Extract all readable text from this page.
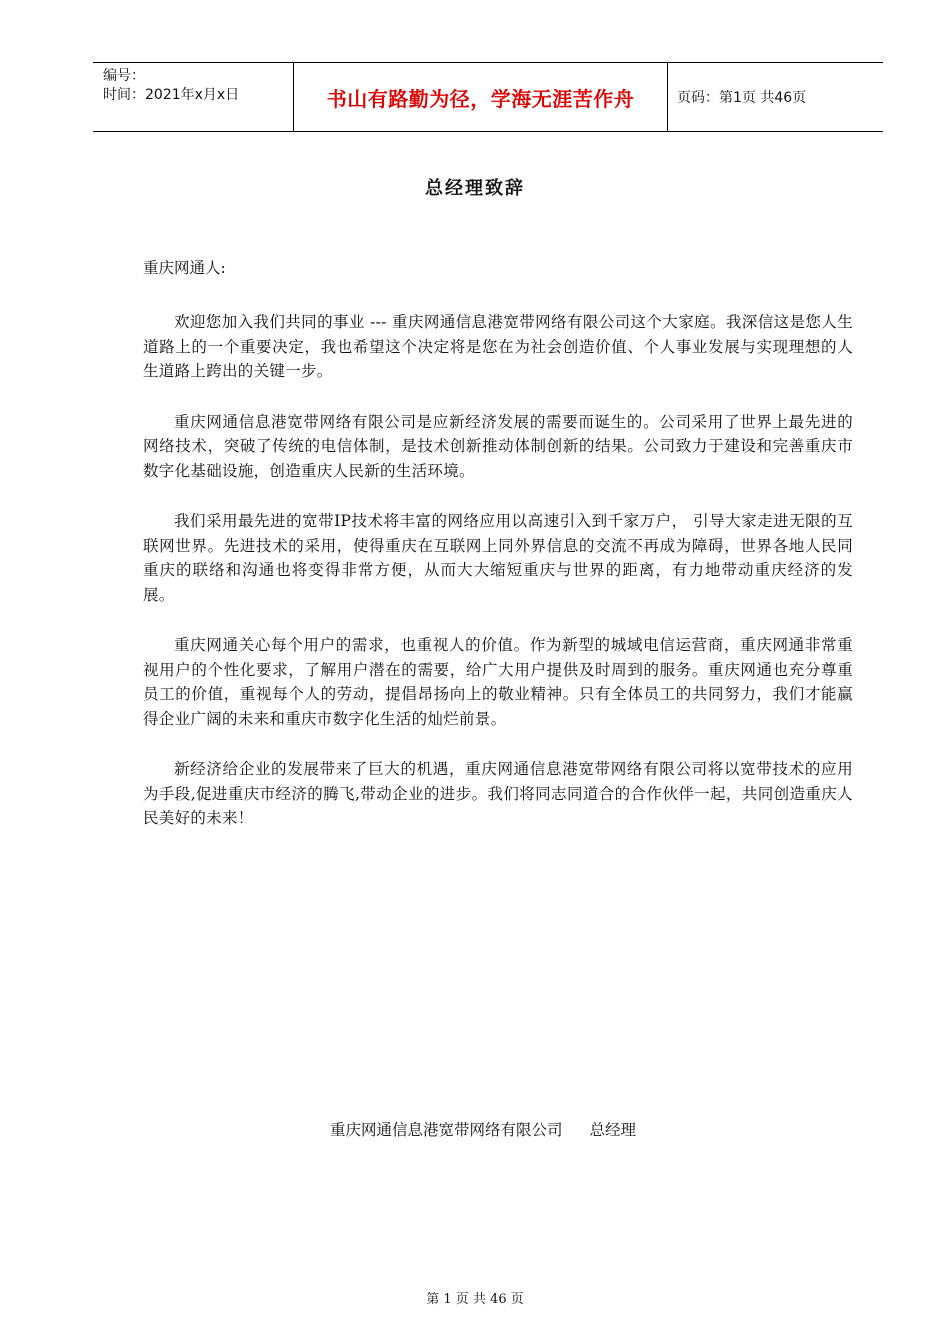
编号：
时间：2021年x月x日	书山有路勤为径，学海无涯苦作舟	页码：第1页 共46页
总经理致辞

重庆网通人:

欢迎您加入我们共同的事业 --- 重庆网通信息港宽带网络有限公司这个大家庭。我深信这是您人生道路上的一个重要决定，我也希望这个决定将是您在为社会创造价值、个人事业发展与实现理想的人生道路上跨出的关键一步。

重庆网通信息港宽带网络有限公司是应新经济发展的需要而诞生的。公司采用了世界上最先进的网络技术，突破了传统的电信体制，是技术创新推动体制创新的结果。公司致力于建设和完善重庆市数字化基础设施，创造重庆人民新的生活环境。

我们采用最先进的宽带IP技术将丰富的网络应用以高速引入到千家万户， 引导大家走进无限的互联网世界。先进技术的采用，使得重庆在互联网上同外界信息的交流不再成为障碍，世界各地人民同重庆的联络和沟通也将变得非常方便，从而大大缩短重庆与世界的距离，有力地带动重庆经济的发展。

重庆网通关心每个用户的需求，也重视人的价值。作为新型的城域电信运营商，重庆网通非常重视用户的个性化要求，了解用户潜在的需要，给广大用户提供及时周到的服务。重庆网通也充分尊重员工的价值，重视每个人的劳动，提倡昂扬向上的敬业精神。只有全体员工的共同努力，我们才能赢得企业广阔的未来和重庆市数字化生活的灿烂前景。

新经济给企业的发展带来了巨大的机遇，重庆网通信息港宽带网络有限公司将以宽带技术的应用为手段,促进重庆市经济的腾飞,带动企业的进步。我们将同志同道合的合作伙伴一起，共同创造重庆人民美好的未来！

重庆网通信息港宽带网络有限公司 总经理
第 1 页 共 46 页
